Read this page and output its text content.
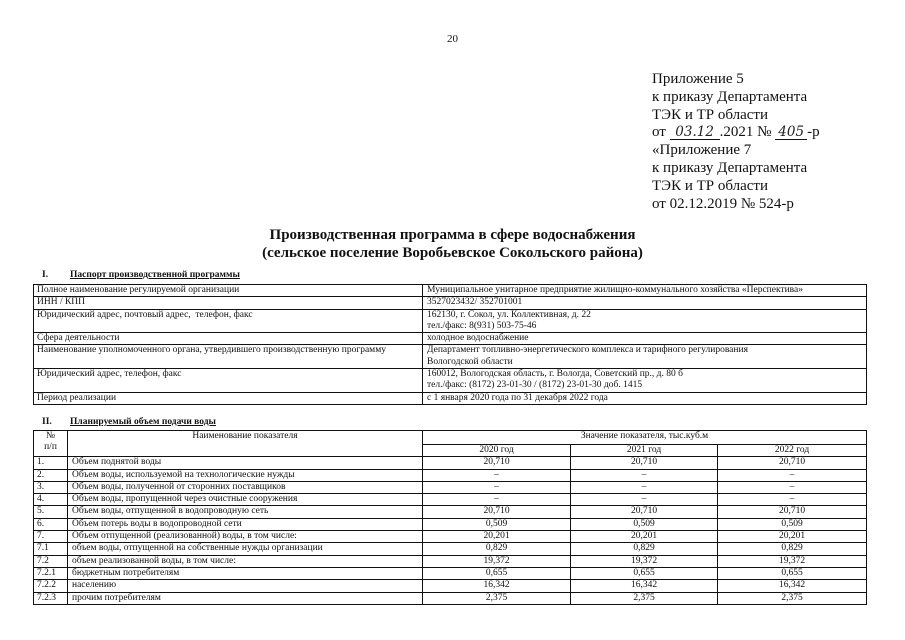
20
Приложение 5
к приказу Департамента
ТЭК и ТР области
от 03.12 .2021 № 405 -р
«Приложение 7
к приказу Департамента
ТЭК и ТР области
от 02.12.2019 № 524-р
Производственная программа в сфере водоснабжения
(сельское поселение Воробьевское Сокольского района)
I. Паспорт производственной программы
Полное наименование регулируемой организации	Муниципальное унитарное предприятие жилищно-коммунального хозяйства «Перспектива»

ИНН / КПП	3527023432/ 352701001

Юридический адрес, почтовый адрес,  телефон, факс	162130, г. Сокол, ул. Коллективная, д. 22
тел./факс: 8(931) 503-75-46

Сфера деятельности	холодное водоснабжение

Наименование уполномоченного органа, утвердившего производственную программу	Департамент топливно-энергетического комплекса и тарифного регулирования
Вологодской области

Юридический адрес, телефон, факс	160012, Вологодская область, г. Вологда, Советский пр., д. 80 б
тел./факс: (8172) 23-01-30 / (8172) 23-01-30 доб. 1415

Период реализации	с 1 января 2020 года по 31 декабря 2022 года
II. Планируемый объем подачи воды
№
п/п	Наименование показателя	Значение показателя, тыс.куб.м		
		2020 год	2021 год	2022 год
1.	Объем поднятой воды	20,710	20,710	20,710
2.	Объем воды, используемой на технологические нужды	–	–	–
3.	Объем воды, полученной от сторонних поставщиков	–	–	–
4.	Объем воды, пропущенной через очистные сооружения	–	–	–
5.	Объем воды, отпущенной в водопроводную сеть	20,710	20,710	20,710
6.	Объем потерь воды в водопроводной сети	0,509	0,509	0,509
7.	Объем отпущенной (реализованной) воды, в том числе:	20,201	20,201	20,201
7.1	объем воды, отпущенной на собственные нужды организации	0,829	0,829	0,829
7.2	объем реализованной воды, в том числе:	19,372	19,372	19,372
7.2.1	бюджетным потребителям	0,655	0,655	0,655
7.2.2	населению	16,342	16,342	16,342
7.2.3	прочим потребителям	2,375	2,375	2,375
